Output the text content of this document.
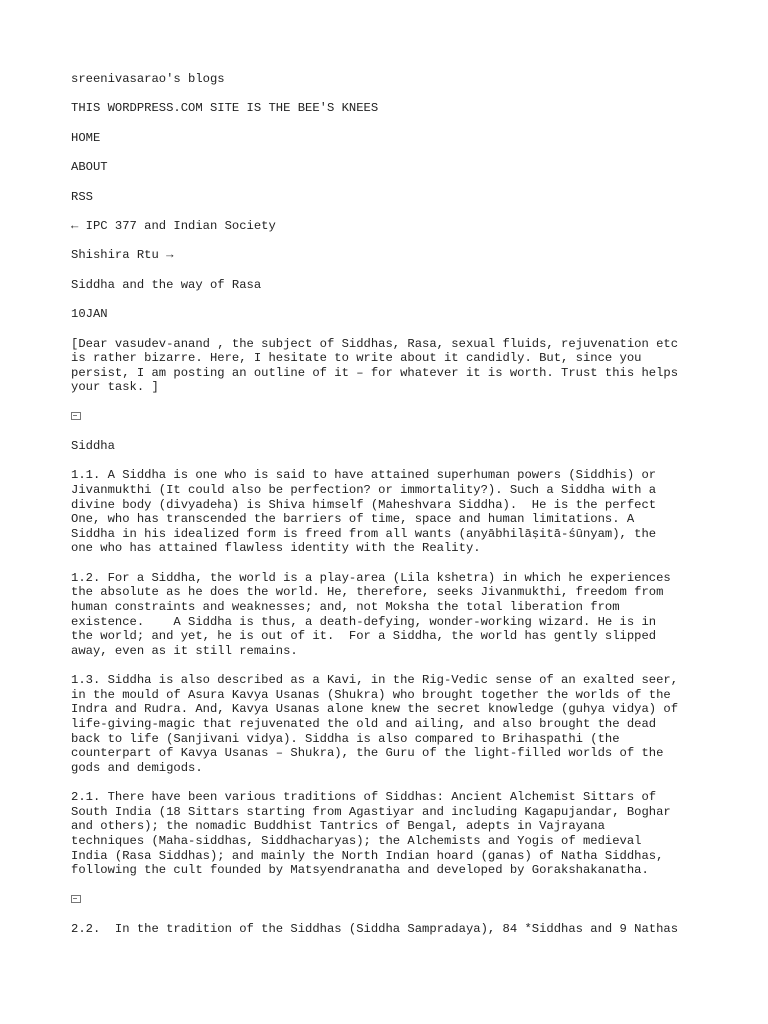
sreenivasarao's blogs
THIS WORDPRESS.COM SITE IS THE BEE'S KNEES
HOME
ABOUT
RSS
← IPC 377 and Indian Society
Shishira Rtu →
Siddha and the way of Rasa
10JAN
[Dear vasudev-anand , the subject of Siddhas, Rasa, sexual fluids, rejuvenation etc
is rather bizarre. Here, I hesitate to write about it candidly. But, since you
persist, I am posting an outline of it – for whatever it is worth. Trust this helps
your task. ]
Siddha
1.1. A Siddha is one who is said to have attained superhuman powers (Siddhis) or
Jivanmukthi (It could also be perfection? or immortality?). Such a Siddha with a
divine body (divyadeha) is Shiva himself (Maheshvara Siddha).  He is the perfect
One, who has transcended the barriers of time, space and human limitations. A
Siddha in his idealized form is freed from all wants (anyābhilāṣitā-śūnyam), the
one who has attained flawless identity with the Reality.
1.2. For a Siddha, the world is a play-area (Lila kshetra) in which he experiences
the absolute as he does the world. He, therefore, seeks Jivanmukthi, freedom from
human constraints and weaknesses; and, not Moksha the total liberation from
existence.    A Siddha is thus, a death-defying, wonder-working wizard. He is in
the world; and yet, he is out of it.  For a Siddha, the world has gently slipped
away, even as it still remains.
1.3. Siddha is also described as a Kavi, in the Rig-Vedic sense of an exalted seer,
in the mould of Asura Kavya Usanas (Shukra) who brought together the worlds of the
Indra and Rudra. And, Kavya Usanas alone knew the secret knowledge (guhya vidya) of
life-giving-magic that rejuvenated the old and ailing, and also brought the dead
back to life (Sanjivani vidya). Siddha is also compared to Brihaspathi (the
counterpart of Kavya Usanas – Shukra), the Guru of the light-filled worlds of the
gods and demigods.
2.1. There have been various traditions of Siddhas: Ancient Alchemist Sittars of
South India (18 Sittars starting from Agastiyar and including Kagapujandar, Boghar
and others); the nomadic Buddhist Tantrics of Bengal, adepts in Vajrayana
techniques (Maha-siddhas, Siddhacharyas); the Alchemists and Yogis of medieval
India (Rasa Siddhas); and mainly the North Indian hoard (ganas) of Natha Siddhas,
following the cult founded by Matsyendranatha and developed by Gorakshakanatha.
2.2.  In the tradition of the Siddhas (Siddha Sampradaya), 84 *Siddhas and 9 Nathas
